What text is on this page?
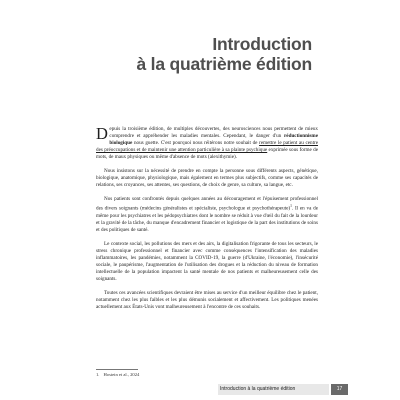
Introduction
à la quatrième édition

Depuis la troisième édition, de multiples découvertes, des neurosciences nous permettent de mieux comprendre et appréhender les maladies mentales. Cependant, le danger d'un réductionnisme biologique nous guette. C'est pourquoi nous réitérons notre souhait de remettre le patient au centre des préoccupations et de maintenir une attention particulière à sa plainte psychique exprimée sous forme de mots, de maux physiques ou même d'absence de mots (alexithymie).

Nous insistons sur la nécessité de prendre en compte la personne sous différents aspects, génétique, biologique, anatomique, physiologique, mais également en termes plus subjectifs, comme ses capacités de relations, ses croyances, ses attentes, ses questions, de choix de genre, sa culture, sa langue, etc.

Nos patients sont confrontés depuis quelques années au découragement et l'épuisement professionnel des divers soignants (médecins généralistes et spécialiste, psychologue et psychothérapeute)$^1$. Il en va de même pour les psychiatres et les pédopsychiatres dont le nombre se réduit à vue d'œil du fait de la lourdeur et la gravité de la tâche, du manque d'encadrement financier et logistique de la part des institutions de soins et des politiques de santé.

Le contexte social, les pollutions des mers et des airs, la digitalisation frigorante de tous les secteurs, le stress chronique professionnel et financier avec comme conséquences l'intensification des maladies inflammatoires, les pandémies, notamment la COVID-19, la guerre (d'Ukraine, l'économie), l'insécurité sociale, le paupérisme, l'augmentation de l'utilisation des drogues et la réduction du niveau de formation intellectuelle de la population impactent la santé mentale de nos patients et malheureusement celle des soignants.

Toutes ces avancées scientifiques devraient être mises au service d'un meilleur équilibre chez le patient, notamment chez les plus faibles et les plus démunis socialement et affectivement. Les politiques menées actuellement aux États-Unis vont malheureusement à l'encontre de ces souhaits.

1. Hostein et al., 2024
Introduction à la quatrième édition	17
